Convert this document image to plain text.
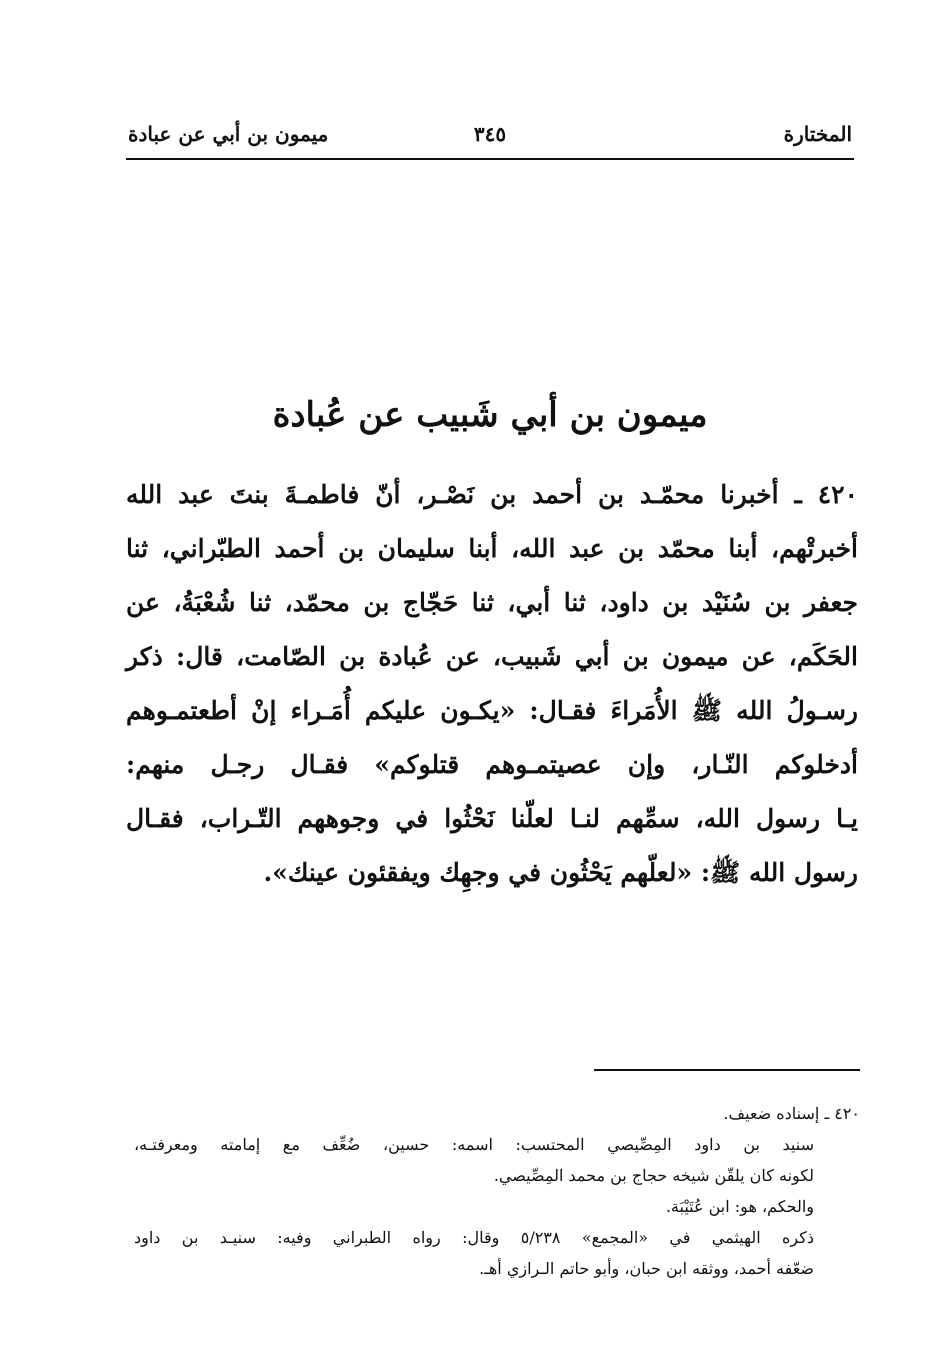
المختارة
٣٤٥
ميمون بن أبي عن عبادة
ميمون بن أبي شَبيب عن عُبادة
٤٢٠ ـ أخبرنا محمّـد بن أحمد بن نَصْـر، أنّ فاطمـةَ بنتَ عبد الله
أخبرتْهم، أبنا محمّد بن عبد الله، أبنا سليمان بن أحمد الطبّراني، ثنا
جعفر بن سُنَيْد بن داود، ثنا أبي، ثنا حَجّاج بن محمّد، ثنا شُعْبَةُ، عن
الحَكَم، عن ميمون بن أبي شَبيب، عن عُبادة بن الصّامت، قال: ذكر
رسـولُ الله ﷺ الأُمَراءَ فقـال: «يكـون عليكم أُمَـراء إنْ أطعتمـوهم
أدخلوكم النّـار، وإن عصيتمـوهم قتلوكم» فقـال رجـل منهم:
يـا رسول الله، سمِّهم لنـا لعلّنا نَحْثُوا في وجوههم التّـراب، فقـال
رسول الله ﷺ: «لعلّهم يَحْثُون في وجهِك ويفقئون عينك».
٤٢٠ ـ إسناده ضعيف.
سنيد بن داود المِصِّيصي المحتسب: اسمه: حسين، ضُعِّف مع إمامته ومعرفتـه،
لكونه كان يلقّن شيخه حجاج بن محمد المِصِّيصي.
والحكم، هو: ابن عُتَيْبَة.
ذكره الهيثمي في «المجمع» ٥/٢٣٨ وقال: رواه الطبراني وفيه: سنيـد بن داود
ضعّفه أحمد، ووثقه ابن حبان، وأبو حاتم الـرازي أهـ.
